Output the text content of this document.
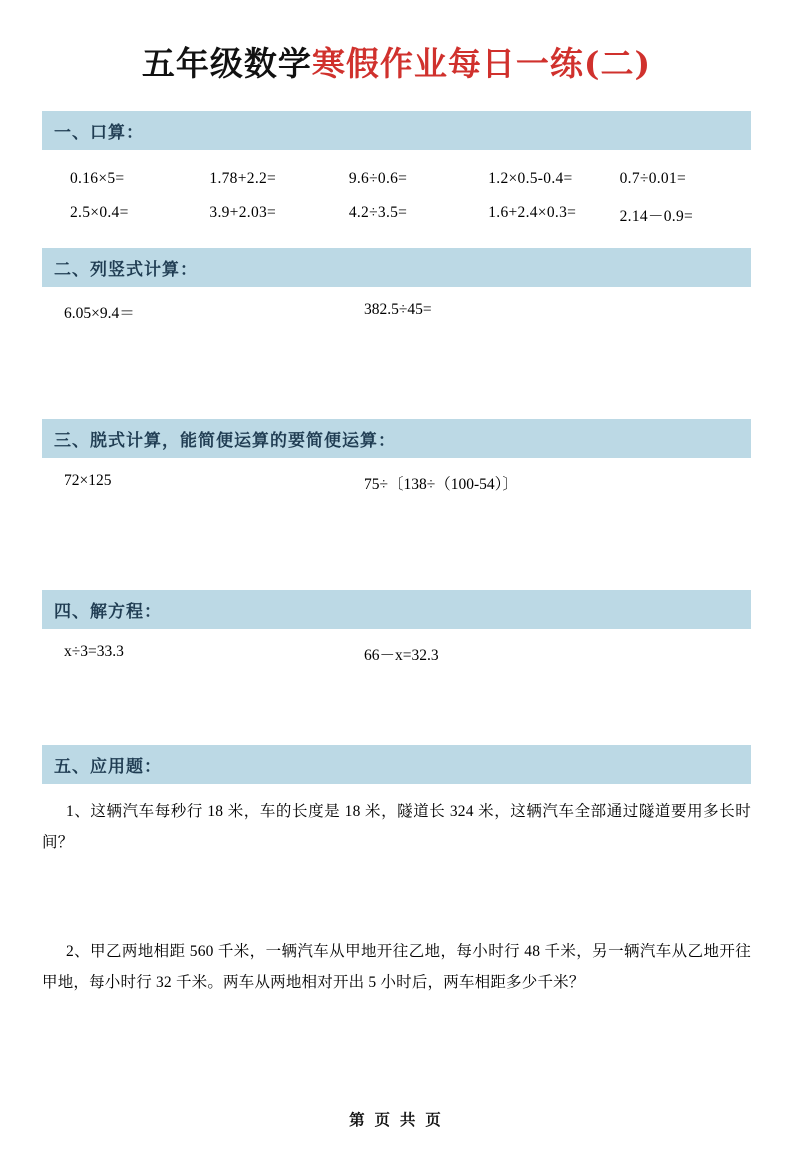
五年级数学寒假作业每日一练(二)
一、口算：
0.16×5=	1.78+2.2=	9.6÷0.6=	1.2×0.5-0.4=	0.7÷0.01=
2.5×0.4=	3.9+2.03=	4.2÷3.5=	1.6+2.4×0.3=	2.14－0.9=
二、列竖式计算：
6.05×9.4＝	382.5÷45=
三、脱式计算，能简便运算的要简便运算：
72×125	75÷〔138÷（100-54）〕
四、解方程：
x÷3=33.3	66－x=32.3
五、应用题：
1、这辆汽车每秒行 18 米，车的长度是 18 米，隧道长 324 米，这辆汽车全部通过隧道要用多长时间？
2、甲乙两地相距 560 千米，一辆汽车从甲地开往乙地，每小时行 48 千米，另一辆汽车从乙地开往甲地，每小时行 32 千米。两车从两地相对开出 5 小时后，两车相距多少千米？
第 页 共 页
